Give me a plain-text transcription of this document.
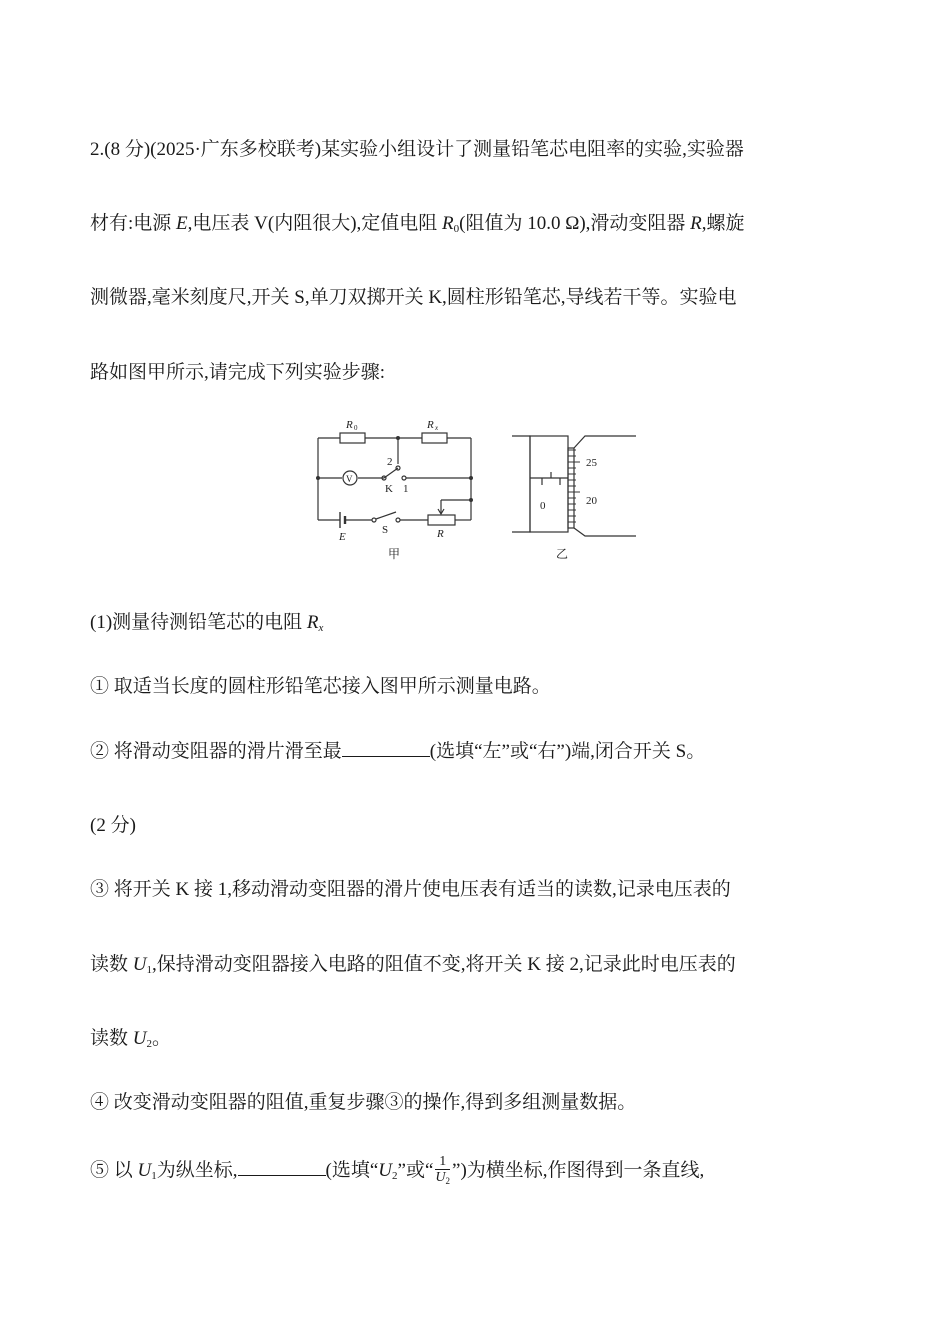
2.(8 分)(2025·广东多校联考)某实验小组设计了测量铅笔芯电阻率的实验,实验器
材有:电源 E,电压表 V(内阻很大),定值电阻 $R_0$(阻值为 10.0 Ω),滑动变阻器 R,螺旋
测微器,毫米刻度尺,开关 S,单刀双掷开关 K,圆柱形铅笔芯,导线若干等。实验电
路如图甲所示,请完成下列实验步骤:
R 0	R x
V
2
K 1
S
E	R
甲
0
25
20
乙
(1)测量待测铅笔芯的电阻 $R_x$
① 取适当长度的圆柱形铅笔芯接入图甲所示测量电路。
② 将滑动变阻器的滑片滑至最	(选填“左”或“右”)端,闭合开关 S。
(2 分)
③ 将开关 K 接 1,移动滑动变阻器的滑片使电压表有适当的读数,记录电压表的
读数 $U_1$,保持滑动变阻器接入电路的阻值不变,将开关 K 接 2,记录此时电压表的
读数 $U_2$。
④ 改变滑动变阻器的阻值,重复步骤③的操作,得到多组测量数据。
⑤ 以 $U_1$为纵坐标,	(选填“$U_2$”或“ $\frac{1}{U_2}$ ”)为横坐标,作图得到一条直线,
